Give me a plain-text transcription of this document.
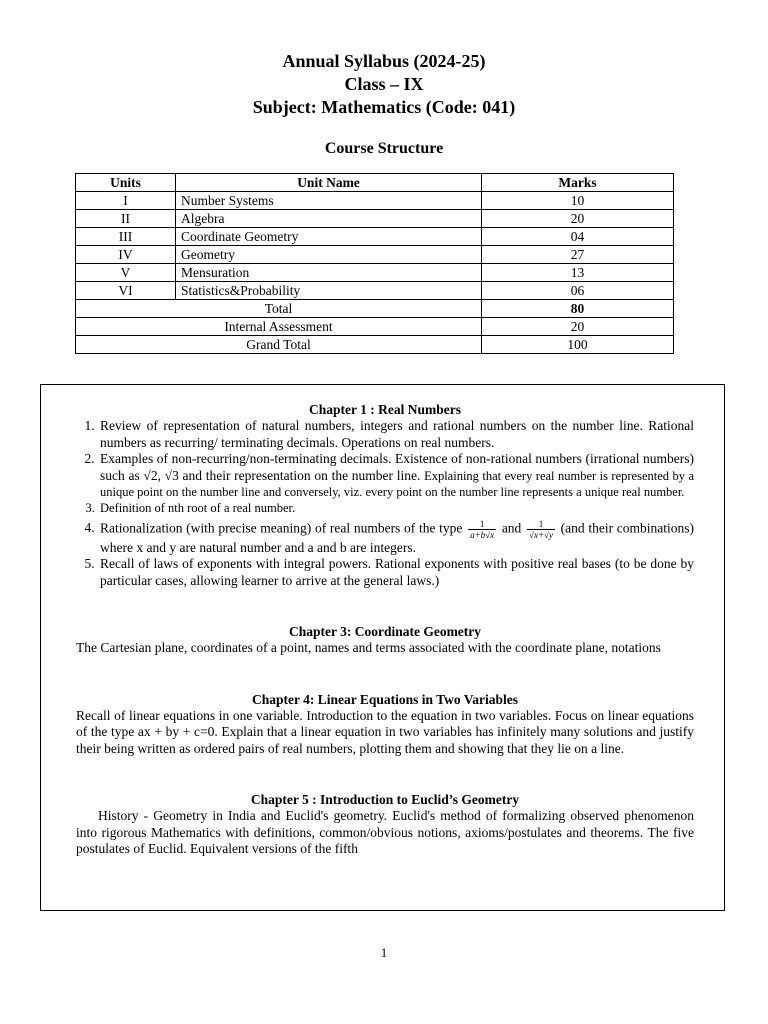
Annual Syllabus (2024-25)
Class – IX
Subject: Mathematics (Code: 041)
Course Structure
Units	Unit Name	Marks
I	Number Systems	10
II	Algebra	20
III	Coordinate Geometry	04
IV	Geometry	27
V	Mensuration	13
VI	Statistics&Probability	06
Total		80
Internal Assessment		20
Grand Total		100
Chapter 1 : Real Numbers
1. Review of representation of natural numbers, integers and rational numbers on the number line. Rational numbers as recurring/ terminating decimals. Operations on real numbers.
2. Examples of non-recurring/non-terminating decimals. Existence of non-rational numbers (irrational numbers) such as √2, √3 and their representation on the number line. Explaining that every real number is represented by a unique point on the number line and conversely, viz. every point on the number line represents a unique real number.
3. Definition of nth root of a real number.
4. Rationalization (with precise meaning) of real numbers of the type $\frac{1}{a+b√x}$ and $\frac{1}{√x+√y} (and$ their combinations) where x and y are natural number and a and b are integers.
5. Recall of laws of exponents with integral powers. Rational exponents with positive real bases (to be done by particular cases, allowing learner to arrive at the general laws.)
Chapter 3: Coordinate Geometry
The Cartesian plane, coordinates of a point, names and terms associated with the coordinate plane, notations
Chapter 4: Linear Equations in Two Variables
Recall of linear equations in one variable. Introduction to the equation in two variables. Focus on linear equations of the type ax + by + c=0. Explain that a linear equation in two variables has infinitely many solutions and justify their being written as ordered pairs of real numbers, plotting them and showing that they lie on a line.
Chapter 5 : Introduction to Euclid’s Geometry
History - Geometry in India and Euclid's geometry. Euclid's method of formalizing observed phenomenon into rigorous Mathematics with definitions, common/obvious notions, axioms/postulates and theorems. The five postulates of Euclid. Equivalent versions of the fifth
1
